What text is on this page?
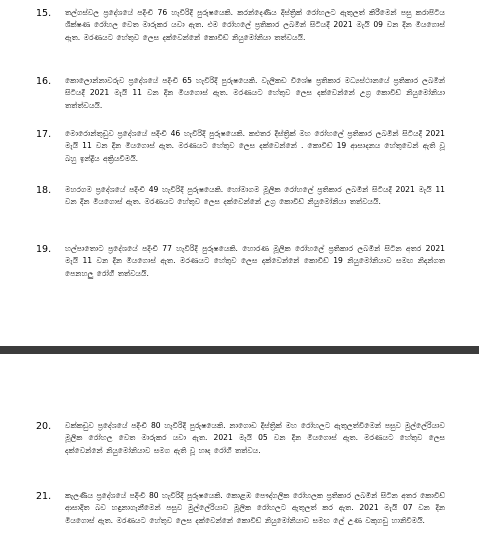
15. තල්ගස්වල ප්‍රදේශයේ පදිංචි 76 හැවිරිදි පුරුෂයෙකි. කරන්දෙණිය දිස්ත්‍රික් රෝහලට ඇතුලත් කිරීමෙන් පසු කරාපිටිය ශික්ෂණ රෝහල වෙත මාරුකර යවා ඇත. එම රෝහලේ ප්‍රතිකාර ලබමින් සිටියදී 2021 මැයි 09 වන දින මියගොස් ඇත. මරණයට හේතුව ලෙස දක්වෙන්නේ කොවිඩ් නියුමෝනියා තත්වයයි.
16. කොලොන්නාවරුව ප්‍රදේශයේ පදිංචි 65 හැවිරිදි පුරුෂයෙකි. වැලිකඩ විශේෂ ප්‍රතිකාර මධ්‍යස්ථානයේ ප්‍රතිකාර ලබමින් සිටියදී 2021 මැයි 11 වන දින මියගොස් ඇත. මරණයට හේතුව ලෙස දක්වෙන්නේ උග්‍ර කොවිඩ් නියුමෝනියා තත්ත්වයයි.
17. මොරොන්තුඩුව ප්‍රදේශයේ පදිංචි 46 හැවිරිදි පුරුෂයෙකි. කළුතර දිස්ත්‍රික් මහ රෝහලේ ප්‍රතිකාර ලබමින් සිටියදී 2021 මැයි 11 වන දින මියගොස් ඇත. මරණයට හේතුව ලෙස දක්වෙන්නේ . කොවිඩ් 19 ආසාදනය හේතුවෙන් ඇති වූ බහු ඉන්ද්‍රිය අක්‍රියවීමයි.
18. මහරගම ප්‍රදේශයේ පදිංචි 49 හැවිරිදි පුරුෂයෙකි. හෝමාගම මූලික රෝහලේ ප්‍රතිකාර ලබමින් සිටියදී 2021 මැයි 11 වන දින මියගොස් ඇත. මරණයට හේතුව ලෙස දක්වෙන්නේ උග්‍ර කොවිඩ් නියුමෝනියා තත්වයයි.
19. හල්පාතොට ප්‍රදේශයේ පදිංචි 77 හැවිරිදි පුරුෂයෙකි. හොරණ මූලික රෝහලේ ප්‍රතිකාර ලබමින් සිටින අතර 2021 මැයි 11 වන දින මියගොස් ඇත. මරණයට හේතුව ලෙස දක්වෙන්නේ කොවිඩ් 19 නියුමෝනියාව සමඟ නිදන්ගත පෙනහලු රෝගී තත්වයයි.
20. වක්කඩුව ප්‍රදේශයේ පදිංචි 80 හැවිරිදි පුරුෂයෙකි. නාගොඩ දිස්ත්‍රික් මහ රෝහලට ඇතුලත්වීමෙන් පසුව මුල්ලේරියාව මූලික රෝහල වෙත මාරුකර යවා ඇත. 2021 මැයි 05 වන දින මියගොස් ඇත. මරණයට හේතුව ලෙස දක්වෙන්නේ නියුමෝනියාව සමග ඇති වූ හෘද රෝගී තත්වය.
21. කැලණිය ප්‍රදේශයේ පදිංචි 80 හැවිරිදි පුරුෂයෙකි. කොළඹ පෞද්ගලික රෝහලක ප්‍රතිකාර ලබමින් සිටින අතර කොවිඩ් ආසාදිත බව හඳුනාගැනීමෙන් පසුව මුල්ලේරියාව මූලික රෝහලට ඇතුලත් කර ඇත. 2021 මැයි 07 වන දින මියගොස් ඇත. මරණයට හේතුව ලෙස දක්වෙන්නේ කොවිඩ් නියුමෝනියාව සමඟ ලේ උණ වකුගඩු හානිවීමයි.
